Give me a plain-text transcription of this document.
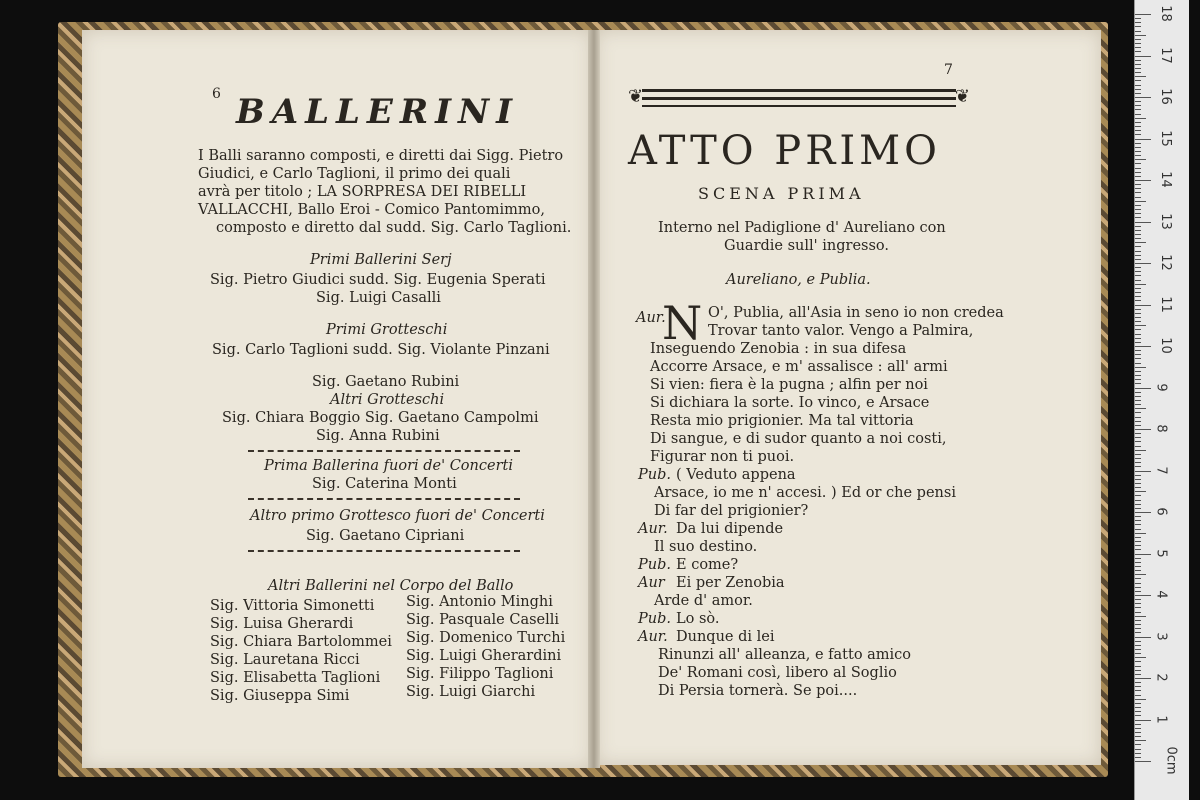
6 BALLERINI
I Balli saranno composti, e diretti dai Sigg. Pietro
Giudici, e Carlo Taglioni, il primo dei quali
avrà per titolo ; LA SORPRESA DEI RIBELLI
VALLACCHI, Ballo Eroi - Comico Pantomimmo,
composto e diretto dal sudd. Sig. Carlo Taglioni.
Primi Ballerini Serj
Sig. Pietro Giudici sudd. Sig. Eugenia Sperati
Sig. Luigi Casalli
Primi Grotteschi
Sig. Carlo Taglioni sudd. Sig. Violante Pinzani
Sig. Gaetano Rubini
Altri Grotteschi
Sig. Chiara Boggio Sig. Gaetano Campolmi
Sig. Anna Rubini
Prima Ballerina fuori de' Concerti
Sig. Caterina Monti
Altro primo Grottesco fuori de' Concerti
Sig. Gaetano Cipriani
Altri Ballerini nel Corpo del Ballo
Sig. Vittoria Simonetti
Sig. Luisa Gherardi
Sig. Chiara Bartolommei
Sig. Lauretana Ricci
Sig. Elisabetta Taglioni
Sig. Giuseppa Simi
Sig. Antonio Minghi
Sig. Pasquale Caselli
Sig. Domenico Turchi
Sig. Luigi Gherardini
Sig. Filippo Taglioni
Sig. Luigi Giarchi
7
❦	❦
ATTO PRIMO
SCENA PRIMA
Interno nel Padiglione d' Aureliano con
Guardie sull' ingresso.
Aureliano, e Publia.
N
Aur.	O', Publia, all'Asia in seno io non credea
Trovar tanto valor. Vengo a Palmira,
Inseguendo Zenobia : in sua difesa
Accorre Arsace, e m' assalisce : all' armi
Si vien: fiera è la pugna ; alfin per noi
Si dichiara la sorte. Io vinco, e Arsace
Resta mio prigionier. Ma tal vittoria
Di sangue, e di sudor quanto a noi costi,
Figurar non ti puoi.
Pub. ( Veduto appena
Arsace, io me n' accesi. ) Ed or che pensi
Di far del prigionier?
Aur. Da lui dipende
Il suo destino.
Pub. E come?
Aur Ei per Zenobia
Arde d' amor.
Pub. Lo sò.
Aur. Dunque di lei
Rinunzi all' alleanza, e fatto amico
De' Romani così, libero al Soglio
Di Persia tornerà. Se poi....
18
17
16
15
14
13
12
11
10
9
8
7
6
5
4
3
2
1
0cm
